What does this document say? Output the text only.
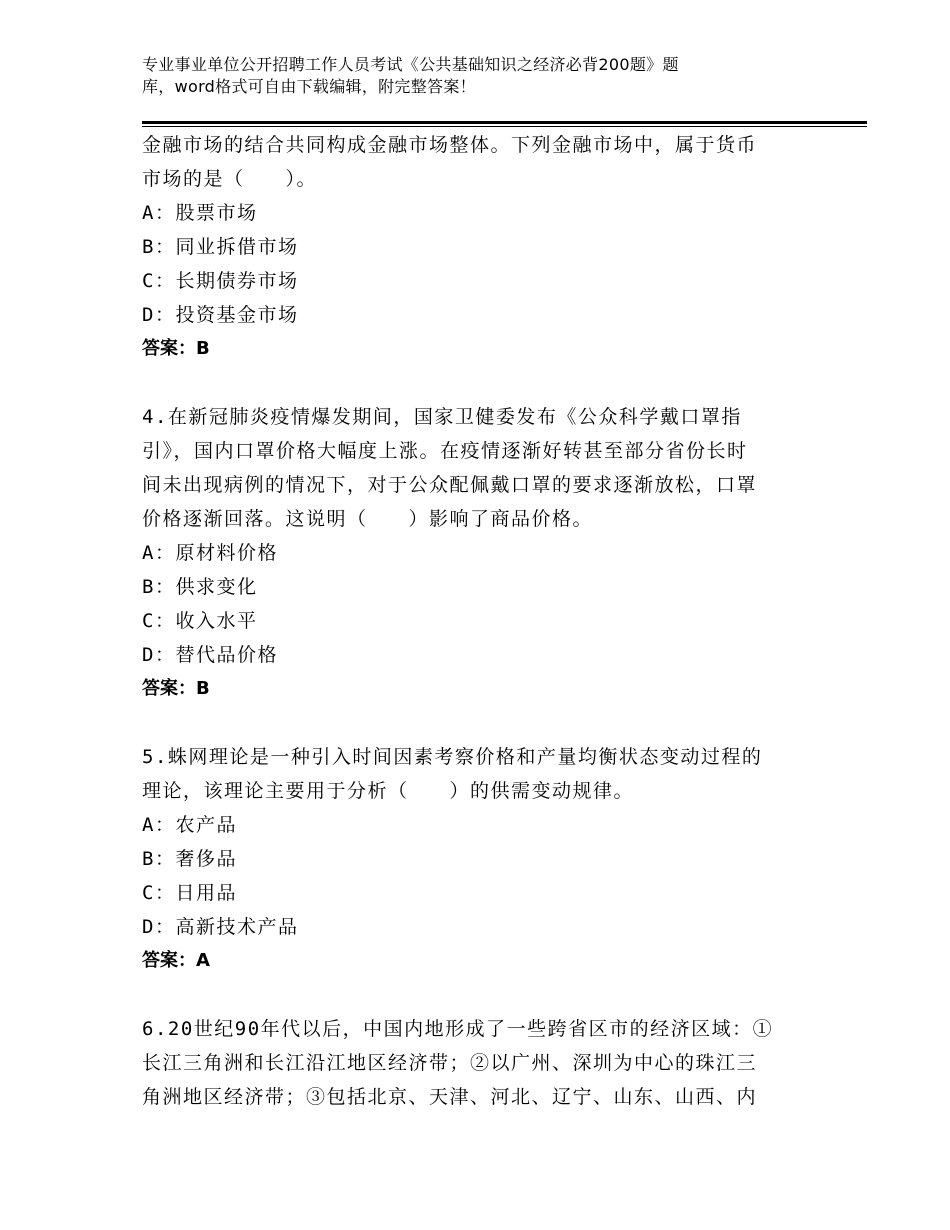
专业事业单位公开招聘工作人员考试《公共基础知识之经济必背200题》题
库，word格式可自由下载编辑，附完整答案！
金融市场的结合共同构成金融市场整体。下列金融市场中，属于货币
市场的是（　　）。
A：股票市场
B：同业拆借市场
C：长期债券市场
D：投资基金市场
答案：B
4.在新冠肺炎疫情爆发期间，国家卫健委发布《公众科学戴口罩指
引》，国内口罩价格大幅度上涨。在疫情逐渐好转甚至部分省份长时
间未出现病例的情况下，对于公众配佩戴口罩的要求逐渐放松，口罩
价格逐渐回落。这说明（　　）影响了商品价格。
A：原材料价格
B：供求变化
C：收入水平
D：替代品价格
答案：B
5.蛛网理论是一种引入时间因素考察价格和产量均衡状态变动过程的
理论，该理论主要用于分析（　　）的供需变动规律。
A：农产品
B：奢侈品
C：日用品
D：高新技术产品
答案：A
6.20世纪90年代以后，中国内地形成了一些跨省区市的经济区域：①
长江三角洲和长江沿江地区经济带；②以广州、深圳为中心的珠江三
角洲地区经济带；③包括北京、天津、河北、辽宁、山东、山西、内
